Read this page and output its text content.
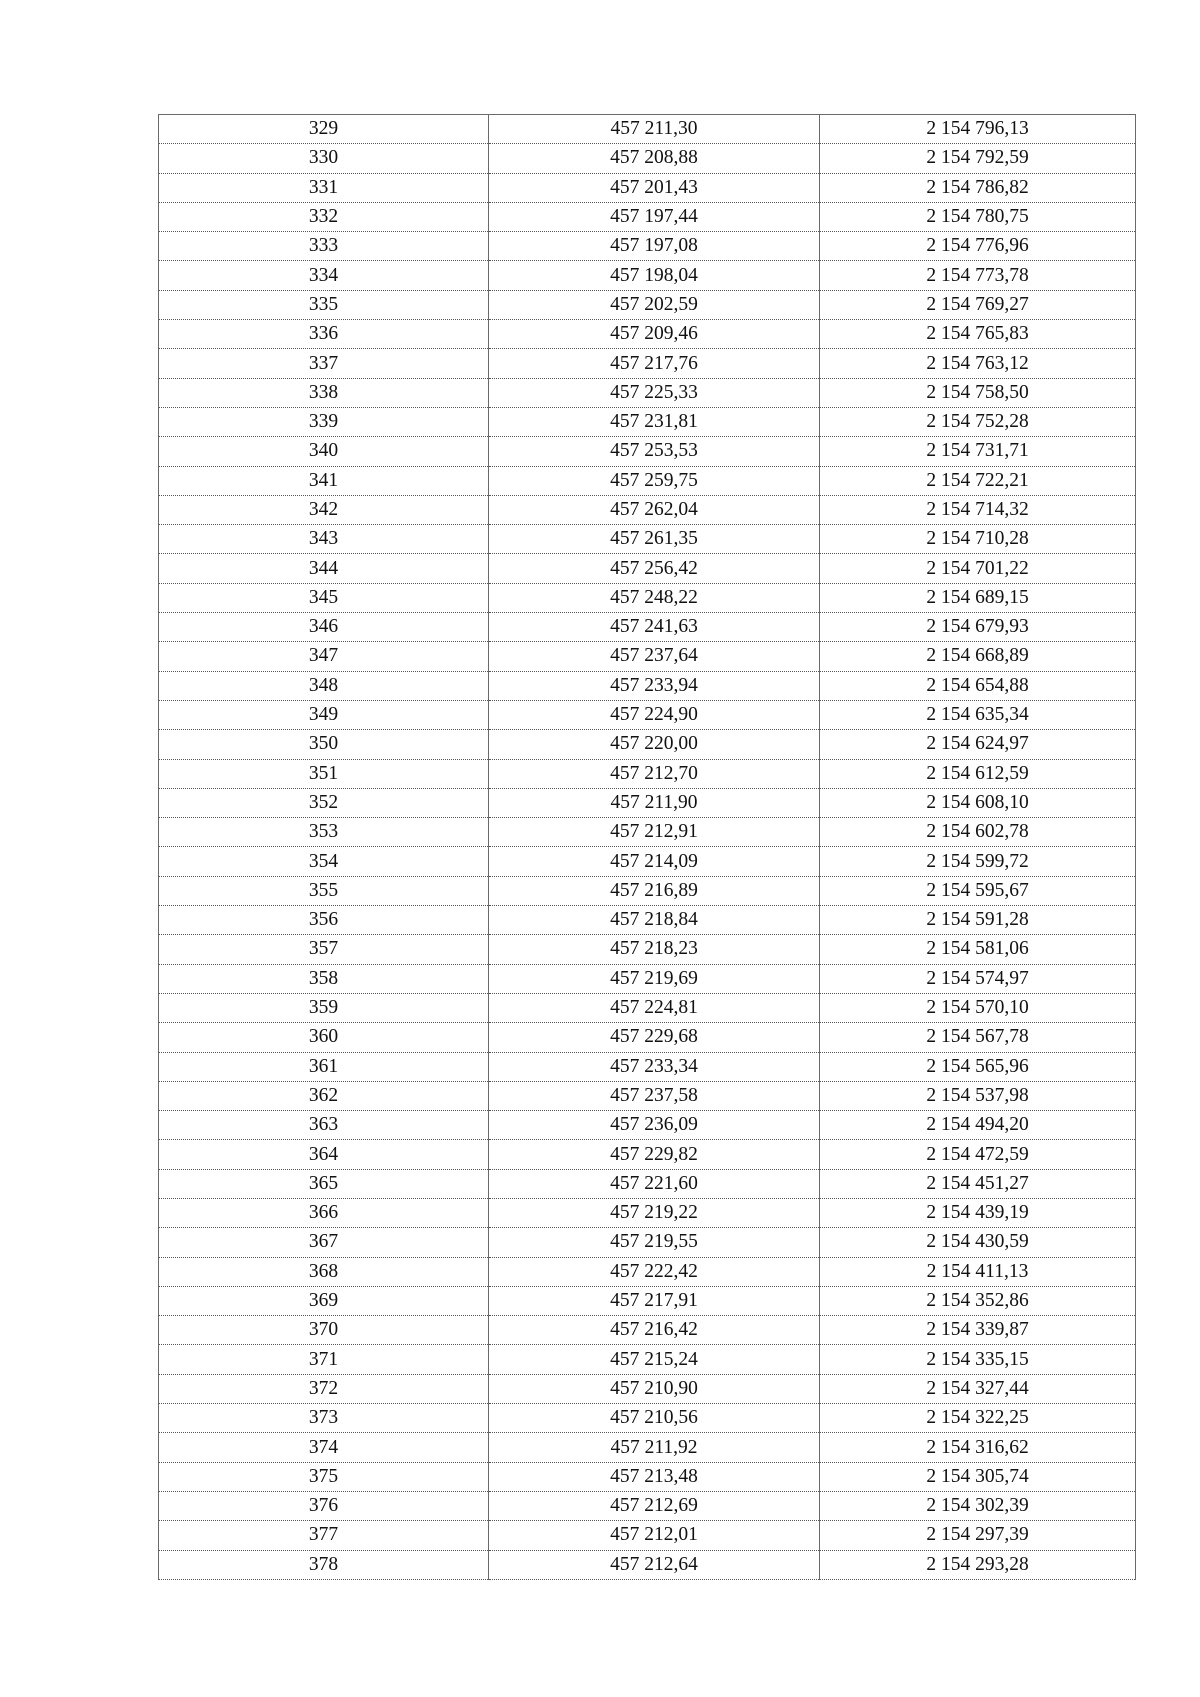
329	457 211,30	2 154 796,13
330	457 208,88	2 154 792,59
331	457 201,43	2 154 786,82
332	457 197,44	2 154 780,75
333	457 197,08	2 154 776,96
334	457 198,04	2 154 773,78
335	457 202,59	2 154 769,27
336	457 209,46	2 154 765,83
337	457 217,76	2 154 763,12
338	457 225,33	2 154 758,50
339	457 231,81	2 154 752,28
340	457 253,53	2 154 731,71
341	457 259,75	2 154 722,21
342	457 262,04	2 154 714,32
343	457 261,35	2 154 710,28
344	457 256,42	2 154 701,22
345	457 248,22	2 154 689,15
346	457 241,63	2 154 679,93
347	457 237,64	2 154 668,89
348	457 233,94	2 154 654,88
349	457 224,90	2 154 635,34
350	457 220,00	2 154 624,97
351	457 212,70	2 154 612,59
352	457 211,90	2 154 608,10
353	457 212,91	2 154 602,78
354	457 214,09	2 154 599,72
355	457 216,89	2 154 595,67
356	457 218,84	2 154 591,28
357	457 218,23	2 154 581,06
358	457 219,69	2 154 574,97
359	457 224,81	2 154 570,10
360	457 229,68	2 154 567,78
361	457 233,34	2 154 565,96
362	457 237,58	2 154 537,98
363	457 236,09	2 154 494,20
364	457 229,82	2 154 472,59
365	457 221,60	2 154 451,27
366	457 219,22	2 154 439,19
367	457 219,55	2 154 430,59
368	457 222,42	2 154 411,13
369	457 217,91	2 154 352,86
370	457 216,42	2 154 339,87
371	457 215,24	2 154 335,15
372	457 210,90	2 154 327,44
373	457 210,56	2 154 322,25
374	457 211,92	2 154 316,62
375	457 213,48	2 154 305,74
376	457 212,69	2 154 302,39
377	457 212,01	2 154 297,39
378	457 212,64	2 154 293,28
